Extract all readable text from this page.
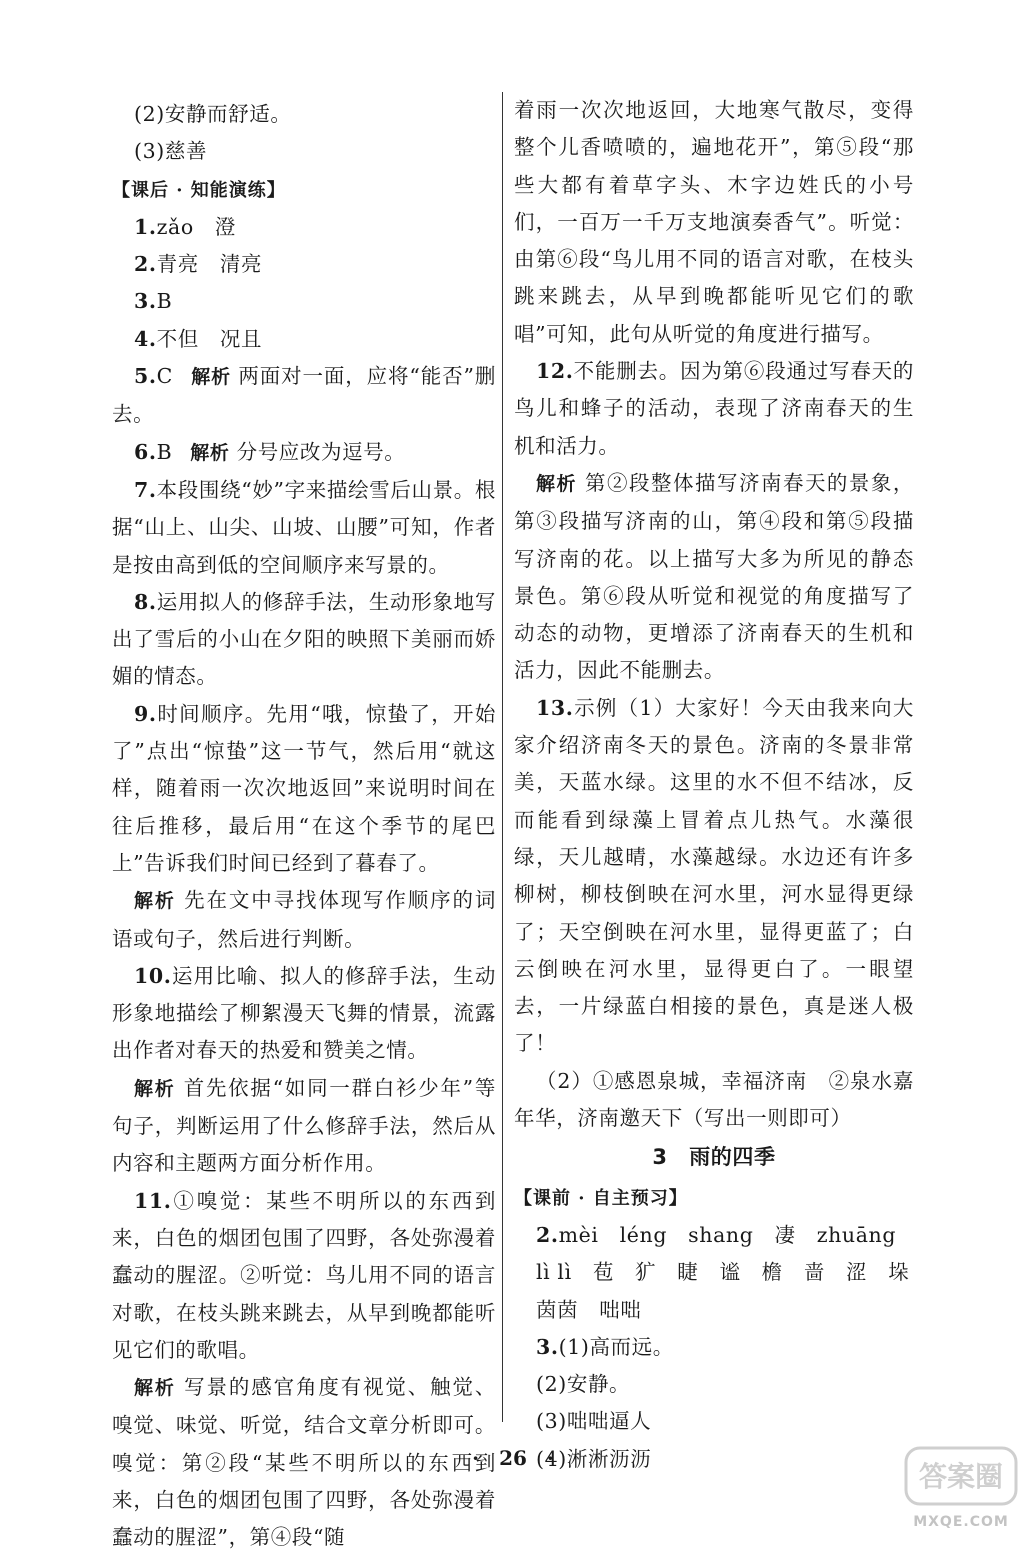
(2)安静而舒适。

(3)慈善

【课后 · 知能演练】

1.zǎo　澄

2.青亮　清亮

3.B

4.不但　况且

5.C 解析 两面对一面，应将“能否”删去。

6.B 解析 分号应改为逗号。

7.本段围绕“妙”字来描绘雪后山景。根据“山上、山尖、山坡、山腰”可知，作者是按由高到低的空间顺序来写景的。

8.运用拟人的修辞手法，生动形象地写出了雪后的小山在夕阳的映照下美丽而娇媚的情态。

9.时间顺序。先用“哦，惊蛰了，开始了”点出“惊蛰”这一节气，然后用“就这样，随着雨一次次地返回”来说明时间在往后推移，最后用“在这个季节的尾巴上”告诉我们时间已经到了暮春了。

解析 先在文中寻找体现写作顺序的词语或句子，然后进行判断。

10.运用比喻、拟人的修辞手法，生动形象地描绘了柳絮漫天飞舞的情景，流露出作者对春天的热爱和赞美之情。

解析 首先依据“如同一群白衫少年”等句子，判断运用了什么修辞手法，然后从内容和主题两方面分析作用。

11.①嗅觉：某些不明所以的东西到来，白色的烟团包围了四野，各处弥漫着蠢动的腥涩。②听觉：鸟儿用不同的语言对歌，在枝头跳来跳去，从早到晚都能听见它们的歌唱。

解析 写景的感官角度有视觉、触觉、嗅觉、味觉、听觉，结合文章分析即可。嗅觉：第②段“某些不明所以的东西到来，白色的烟团包围了四野，各处弥漫着蠢动的腥涩”，第④段“随

着雨一次次地返回，大地寒气散尽，变得整个儿香喷喷的，遍地花开”，第⑤段“那些大都有着草字头、木字边姓氏的小号们，一百万一千万支地演奏香气”。听觉：由第⑥段“鸟儿用不同的语言对歌，在枝头跳来跳去，从早到晚都能听见它们的歌唱”可知，此句从听觉的角度进行描写。

12.不能删去。因为第⑥段通过写春天的鸟儿和蜂子的活动，表现了济南春天的生机和活力。

解析 第②段整体描写济南春天的景象，第③段描写济南的山，第④段和第⑤段描写济南的花。以上描写大多为所见的静态景色。第⑥段从听觉和视觉的角度描写了动态的动物，更增添了济南春天的生机和活力，因此不能删去。

13.示例（1）大家好！今天由我来向大家介绍济南冬天的景色。济南的冬景非常美，天蓝水绿。这里的水不但不结冰，反而能看到绿藻上冒着点儿热气。水藻很绿，天儿越晴，水藻越绿。水边还有许多柳树，柳枝倒映在河水里，河水显得更绿了；天空倒映在河水里，显得更蓝了；白云倒映在河水里，显得更白了。一眼望去，一片绿蓝白相接的景色，真是迷人极了！

（2）①感恩泉城，幸福济南　②泉水嘉年华，济南邀天下（写出一则即可）

3　雨的四季

【课前 · 自主预习】

2.mèi　léng　shang　凄　zhuāng

lì lì　苞　犷　睫　谧　檐　啬　涩　垛

茵茵　咄咄

3.(1)高而远。

(2)安静。

(3)咄咄逼人

(4)淅淅沥沥

·　26　·
答案圈
MXQE.COM
